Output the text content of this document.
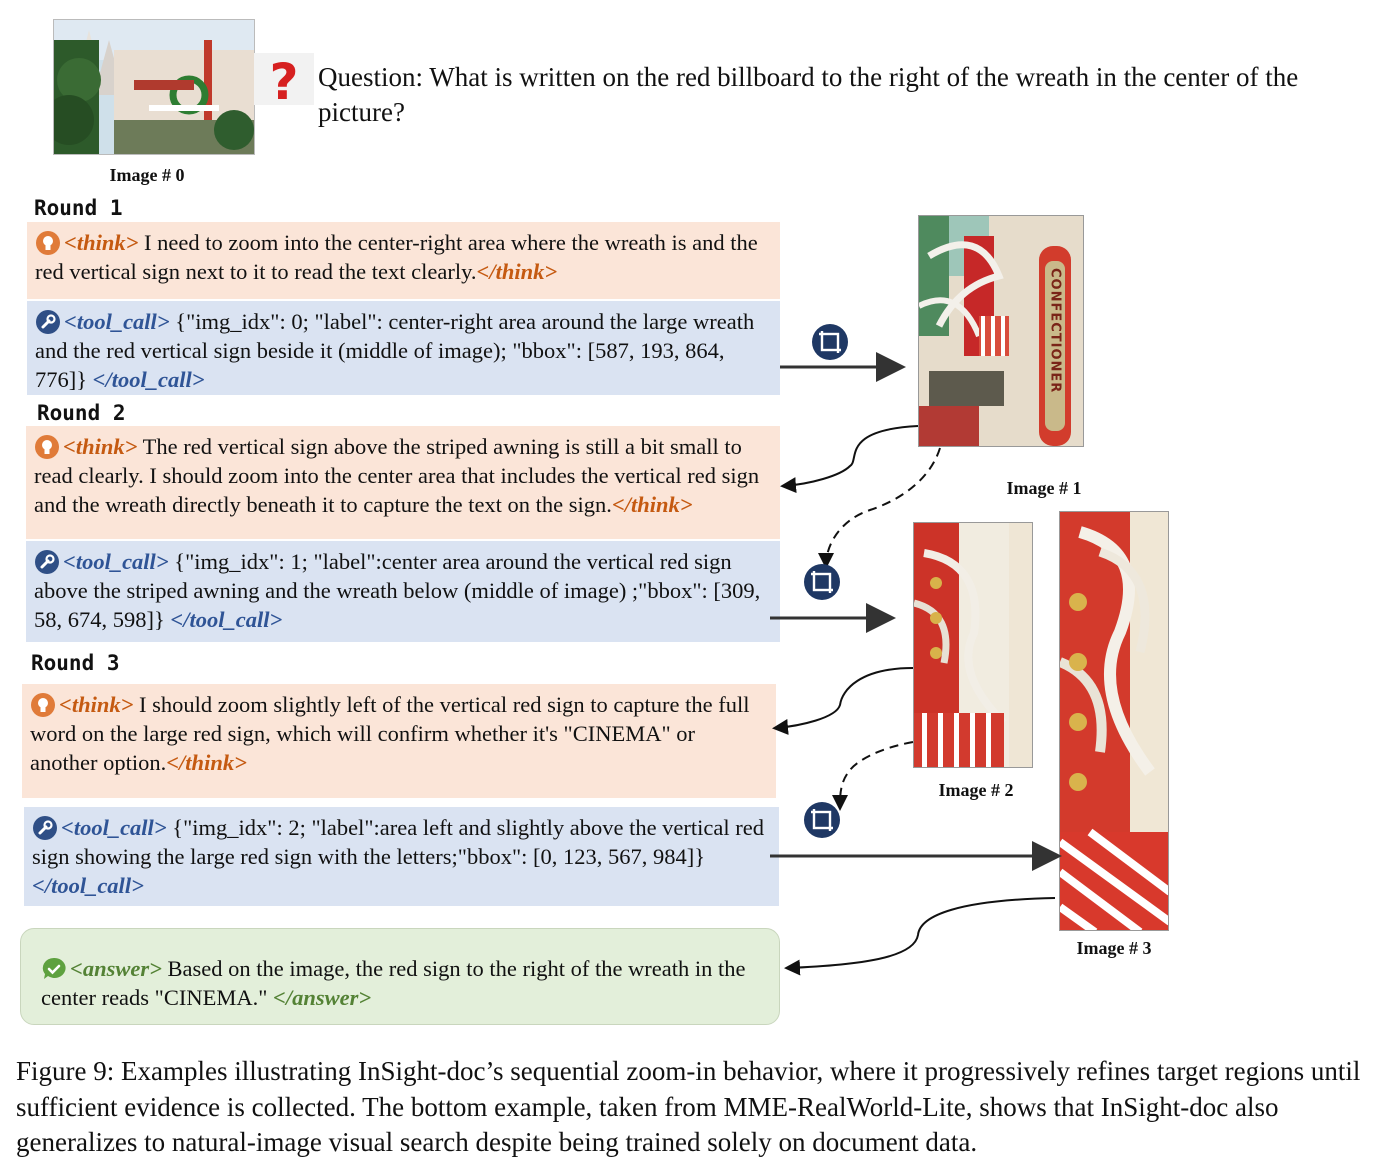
? Question: What is written on the red billboard to the right of the wreath in the center of the picture?
Image # 0
Round 1
<think> I need to zoom into the center-right area where the wreath is and the red vertical sign next to it to read the text clearly.</think>
<tool_call> {"img_idx": 0; "label": center-right area around the large wreath and the red vertical sign beside it (middle of image); "bbox": [587, 193, 864, 776]} </tool_call>
Round 2
<think> The red vertical sign above the striped awning is still a bit small to read clearly. I should zoom into the center area that includes the vertical red sign and the wreath directly beneath it to capture the text on the sign.</think>
<tool_call> {"img_idx": 1; "label":center area around the vertical red sign above the striped awning and the wreath below (middle of image) ;"bbox": [309, 58, 674, 598]} </tool_call>
Round 3
<think> I should zoom slightly left of the vertical red sign to capture the full word on the large red sign, which will confirm whether it's "CINEMA" or another option.</think>
<tool_call> {"img_idx": 2; "label":area left and slightly above the vertical red sign showing the large red sign with the letters;"bbox": [0, 123, 567, 984]}</tool_call>
<answer> Based on the image, the red sign to the right of the wreath in the center reads "CINEMA." </answer>
CONFECTIONER
Image # 1
Image # 2
Image # 3
Figure 9: Examples illustrating InSight-doc’s sequential zoom-in behavior, where it progressively refines target regions until sufficient evidence is collected. The bottom example, taken from MME-RealWorld-Lite, shows that InSight-doc also generalizes to natural-image visual search despite being trained solely on document data.
